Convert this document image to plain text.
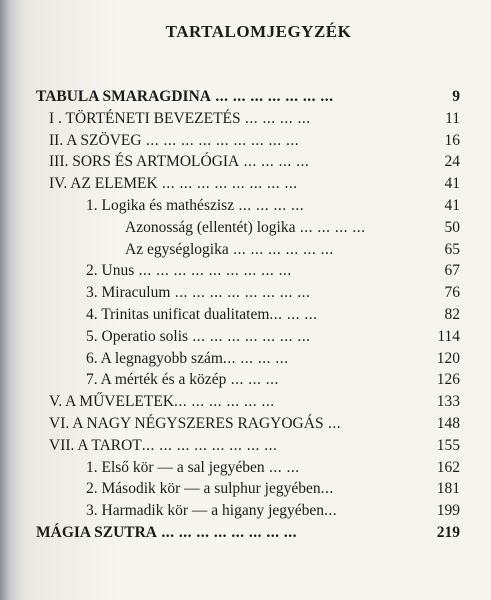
TARTALOMJEGYZÉK
TABULA SMARAGDINA ... ... ... ... ... ... ...	9
I . TÖRTÉNETI BEVEZETÉS ... ... ... ...	11
II. A SZÖVEG ... ... ... ... ... ... ... ... ...	16
III. SORS ÉS ARTMOLÓGIA ... ... ... ...	24
IV. AZ ELEMEK ... ... ... ... ... ... ... ...	41
1. Logika és mathészisz ... ... ... ...	41
Azonosság (ellentét) logika ... ... ... ...	50
Az egységlogika ... ... ... ... ... ...	65
2. Unus ... ... ... ... ... ... ... ... ...	67
3. Miraculum ... ... ... ... ... ... ... ...	76
4. Trinitas unificat dualitatem... ... ...	82
5. Operatio solis ... ... ... ... ... ... ...	114
6. A legnagyobb szám... ... ... ...	120
7. A mérték és a közép ... ... ...	126
V. A MŰVELETEK... ... ... ... ... ...	133
VI. A NAGY NÉGYSZERES RAGYOGÁS ...	148
VII. A TAROT... ... ... ... ... ... ... ...	155
1. Első kör — a sal jegyében ... ...	162
2. Második kör — a sulphur jegyében...	181
3. Harmadik kör — a higany jegyében...	199
MÁGIA SZUTRA ... ... ... ... ... ... ... ...	219
